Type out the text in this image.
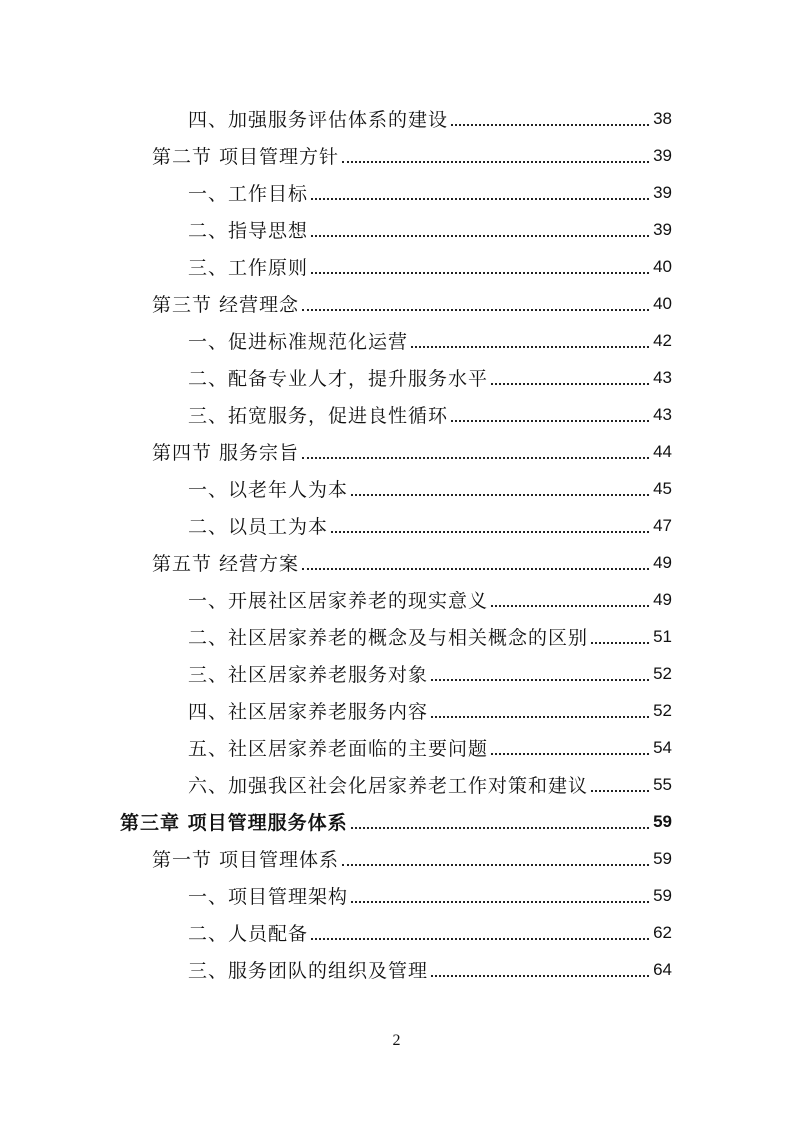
四、加强服务评估体系的建设	38
第二节 项目管理方针	39
一、工作目标	39
二、指导思想	39
三、工作原则	40
第三节 经营理念	40
一、促进标准规范化运营	42
二、配备专业人才，提升服务水平	43
三、拓宽服务，促进良性循环	43
第四节 服务宗旨	44
一、以老年人为本	45
二、以员工为本	47
第五节 经营方案	49
一、开展社区居家养老的现实意义	49
二、社区居家养老的概念及与相关概念的区别	51
三、社区居家养老服务对象	52
四、社区居家养老服务内容	52
五、社区居家养老面临的主要问题	54
六、加强我区社会化居家养老工作对策和建议	55
第三章 项目管理服务体系	59
第一节 项目管理体系	59
一、项目管理架构	59
二、人员配备	62
三、服务团队的组织及管理	64
2
